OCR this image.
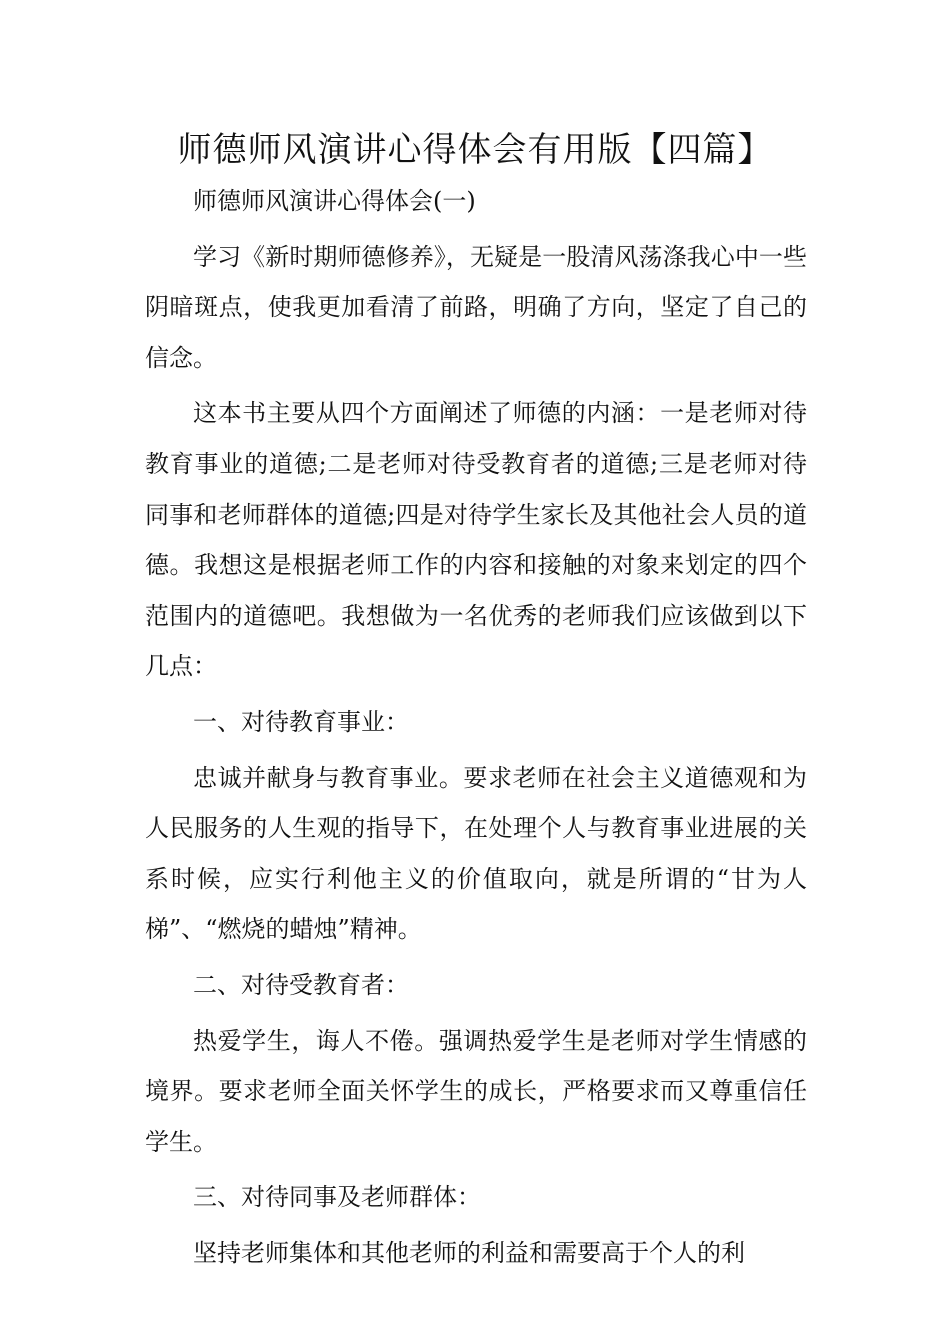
师德师风演讲心得体会有用版【四篇】

师德师风演讲心得体会(一)

学习《新时期师德修养》，无疑是一股清风荡涤我心中一些阴暗斑点，使我更加看清了前路，明确了方向，坚定了自己的信念。

这本书主要从四个方面阐述了师德的内涵：一是老师对待教育事业的道德;二是老师对待受教育者的道德;三是老师对待同事和老师群体的道德;四是对待学生家长及其他社会人员的道德。我想这是根据老师工作的内容和接触的对象来划定的四个范围内的道德吧。我想做为一名优秀的老师我们应该做到以下几点：

一、对待教育事业：

忠诚并献身与教育事业。要求老师在社会主义道德观和为人民服务的人生观的指导下，在处理个人与教育事业进展的关系时候，应实行利他主义的价值取向，就是所谓的“甘为人梯”、“燃烧的蜡烛”精神。

二、对待受教育者：

热爱学生，诲人不倦。强调热爱学生是老师对学生情感的境界。要求老师全面关怀学生的成长，严格要求而又尊重信任学生。

三、对待同事及老师群体：

坚持老师集体和其他老师的利益和需要高于个人的利
